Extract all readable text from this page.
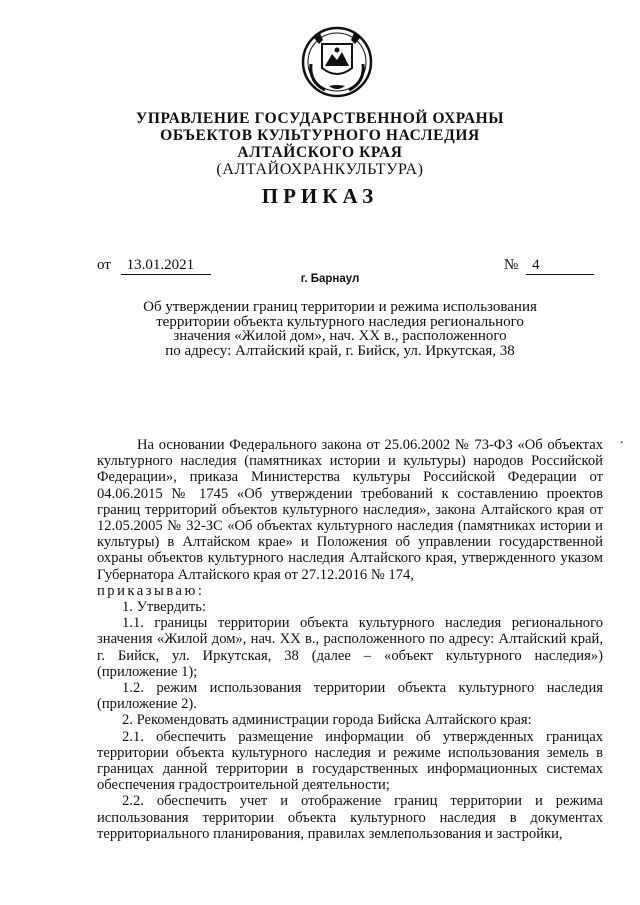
УПРАВЛЕНИЕ ГОСУДАРСТВЕННОЙ ОХРАНЫ
ОБЪЕКТОВ КУЛЬТУРНОГО НАСЛЕДИЯ
АЛТАЙСКОГО КРАЯ
(АЛТАЙОХРАНКУЛЬТУРА)
ПРИКАЗ
от 13.01.2021	№ 4
г. Барнаул
Об утверждении границ территории и режима использования
территории объекта культурного наследия регионального
значения «Жилой дом», нач. XX в., расположенного
по адресу: Алтайский край, г. Бийск, ул. Иркутская, 38
.

На основании Федерального закона от 25.06.2002 № 73-ФЗ «Об объектах культурного наследия (памятниках истории и культуры) народов Российской Федерации», приказа Министерства культуры Российской Федерации от 04.06.2015 № 1745 «Об утверждении требований к составлению проектов границ территорий объектов культурного наследия», закона Алтайского края от 12.05.2005 № 32-ЗС «Об объектах культурного наследия (памятниках истории и культуры) в Алтайском крае» и Положения об управлении государственной охраны объектов культурного наследия Алтайского края, утвержденного указом Губернатора Алтайского края от 27.12.2016 № 174,

приказываю:

1. Утвердить:

1.1. границы территории объекта культурного наследия регионального значения «Жилой дом», нач. XX в., расположенного по адресу: Алтайский край, г. Бийск, ул. Иркутская, 38 (далее – «объект культурного наследия») (приложение 1);

1.2. режим использования территории объекта культурного наследия (приложение 2).

2. Рекомендовать администрации города Бийска Алтайского края:

2.1. обеспечить размещение информации об утвержденных границах территории объекта культурного наследия и режиме использования земель в границах данной территории в государственных информационных системах обеспечения градостроительной деятельности;

2.2. обеспечить учет и отображение границ территории и режима использования территории объекта культурного наследия в документах территориального планирования, правилах землепользования и застройки,
